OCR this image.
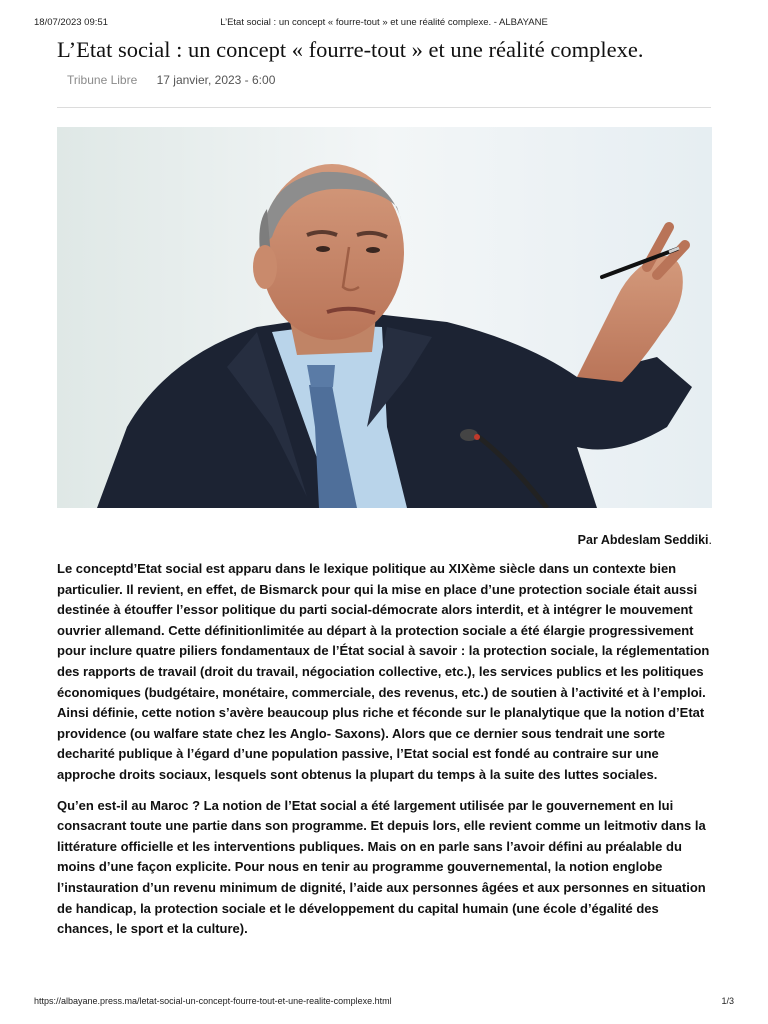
18/07/2023 09:51	L’Etat social : un concept « fourre-tout » et une réalité complexe. - ALBAYANE
L’Etat social : un concept « fourre-tout » et une réalité complexe.
Tribune Libre 17 janvier, 2023 - 6:00
Par Abdeslam Seddiki.

Le conceptd’Etat social est apparu dans le lexique politique au XIXème siècle dans un contexte bien particulier. Il revient, en effet, de Bismarck pour qui la mise en place d’une protection sociale était aussi destinée à étouffer l’essor politique du parti social-démocrate alors interdit, et à intégrer le mouvement ouvrier allemand. Cette définitionlimitée au départ à la protection sociale a été élargie progressivement pour inclure quatre piliers fondamentaux de l’État social à savoir : la protection sociale, la réglementation des rapports de travail (droit du travail, négociation collective, etc.), les services publics et les politiques économiques (budgétaire, monétaire, commerciale, des revenus, etc.) de soutien à l’activité et à l’emploi. Ainsi définie, cette notion s’avère beaucoup plus riche et féconde sur le planalytique que la notion d’Etat providence (ou walfare state chez les Anglo- Saxons). Alors que ce dernier sous tendrait une sorte decharité publique à l’égard d’une population passive, l’Etat social est fondé au contraire sur une approche droits sociaux, lesquels sont obtenus la plupart du temps à la suite des luttes sociales.

Qu’en est-il au Maroc ? La notion de l’Etat social a été largement utilisée par le gouvernement en lui consacrant toute une partie dans son programme. Et depuis lors, elle revient comme un leitmotiv dans la littérature officielle et les interventions publiques. Mais on en parle sans l’avoir défini au préalable du moins d’une façon explicite. Pour nous en tenir au programme gouvernemental, la notion englobe l’instauration d’un revenu minimum de dignité, l’aide aux personnes âgées et aux personnes en situation de handicap, la protection sociale et le développement du capital humain (une école d’égalité des chances, le sport et la culture).

https://albayane.press.ma/letat-social-un-concept-fourre-tout-et-une-realite-complexe.html	1/3
